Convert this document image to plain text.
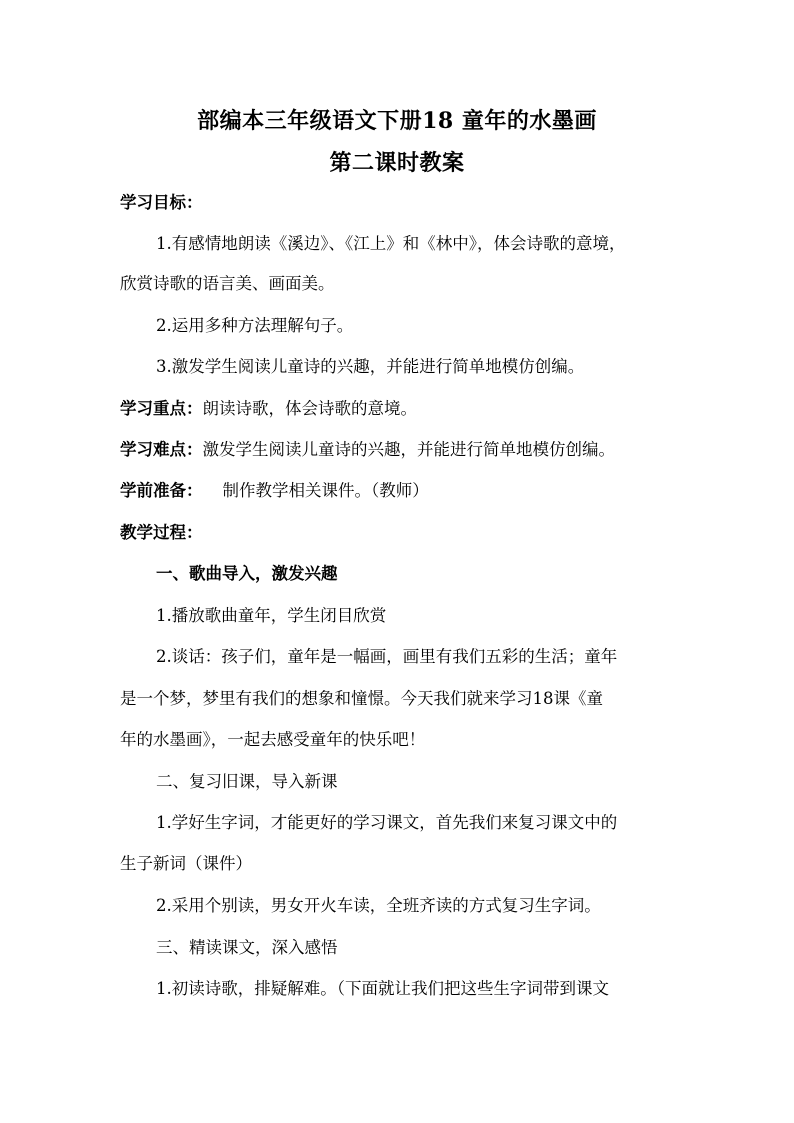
部编本三年级语文下册18 童年的水墨画
第二课时教案
学习目标：
1.有感情地朗读《溪边》、《江上》和《林中》，体会诗歌的意境，
欣赏诗歌的语言美、画面美。
2.运用多种方法理解句子。
3.激发学生阅读儿童诗的兴趣，并能进行简单地模仿创编。
学习重点：朗读诗歌，体会诗歌的意境。
学习难点：激发学生阅读儿童诗的兴趣，并能进行简单地模仿创编。
学前准备： 制作教学相关课件。（教师）
教学过程：
一、歌曲导入，激发兴趣
1.播放歌曲童年，学生闭目欣赏
2.谈话：孩子们，童年是一幅画，画里有我们五彩的生活；童年
是一个梦，梦里有我们的想象和憧憬。今天我们就来学习18课《童
年的水墨画》，一起去感受童年的快乐吧！
二、复习旧课，导入新课
1.学好生字词，才能更好的学习课文，首先我们来复习课文中的
生子新词（课件）
2.采用个别读，男女开火车读，全班齐读的方式复习生字词。
三、精读课文，深入感悟
1.初读诗歌，排疑解难。（下面就让我们把这些生字词带到课文
